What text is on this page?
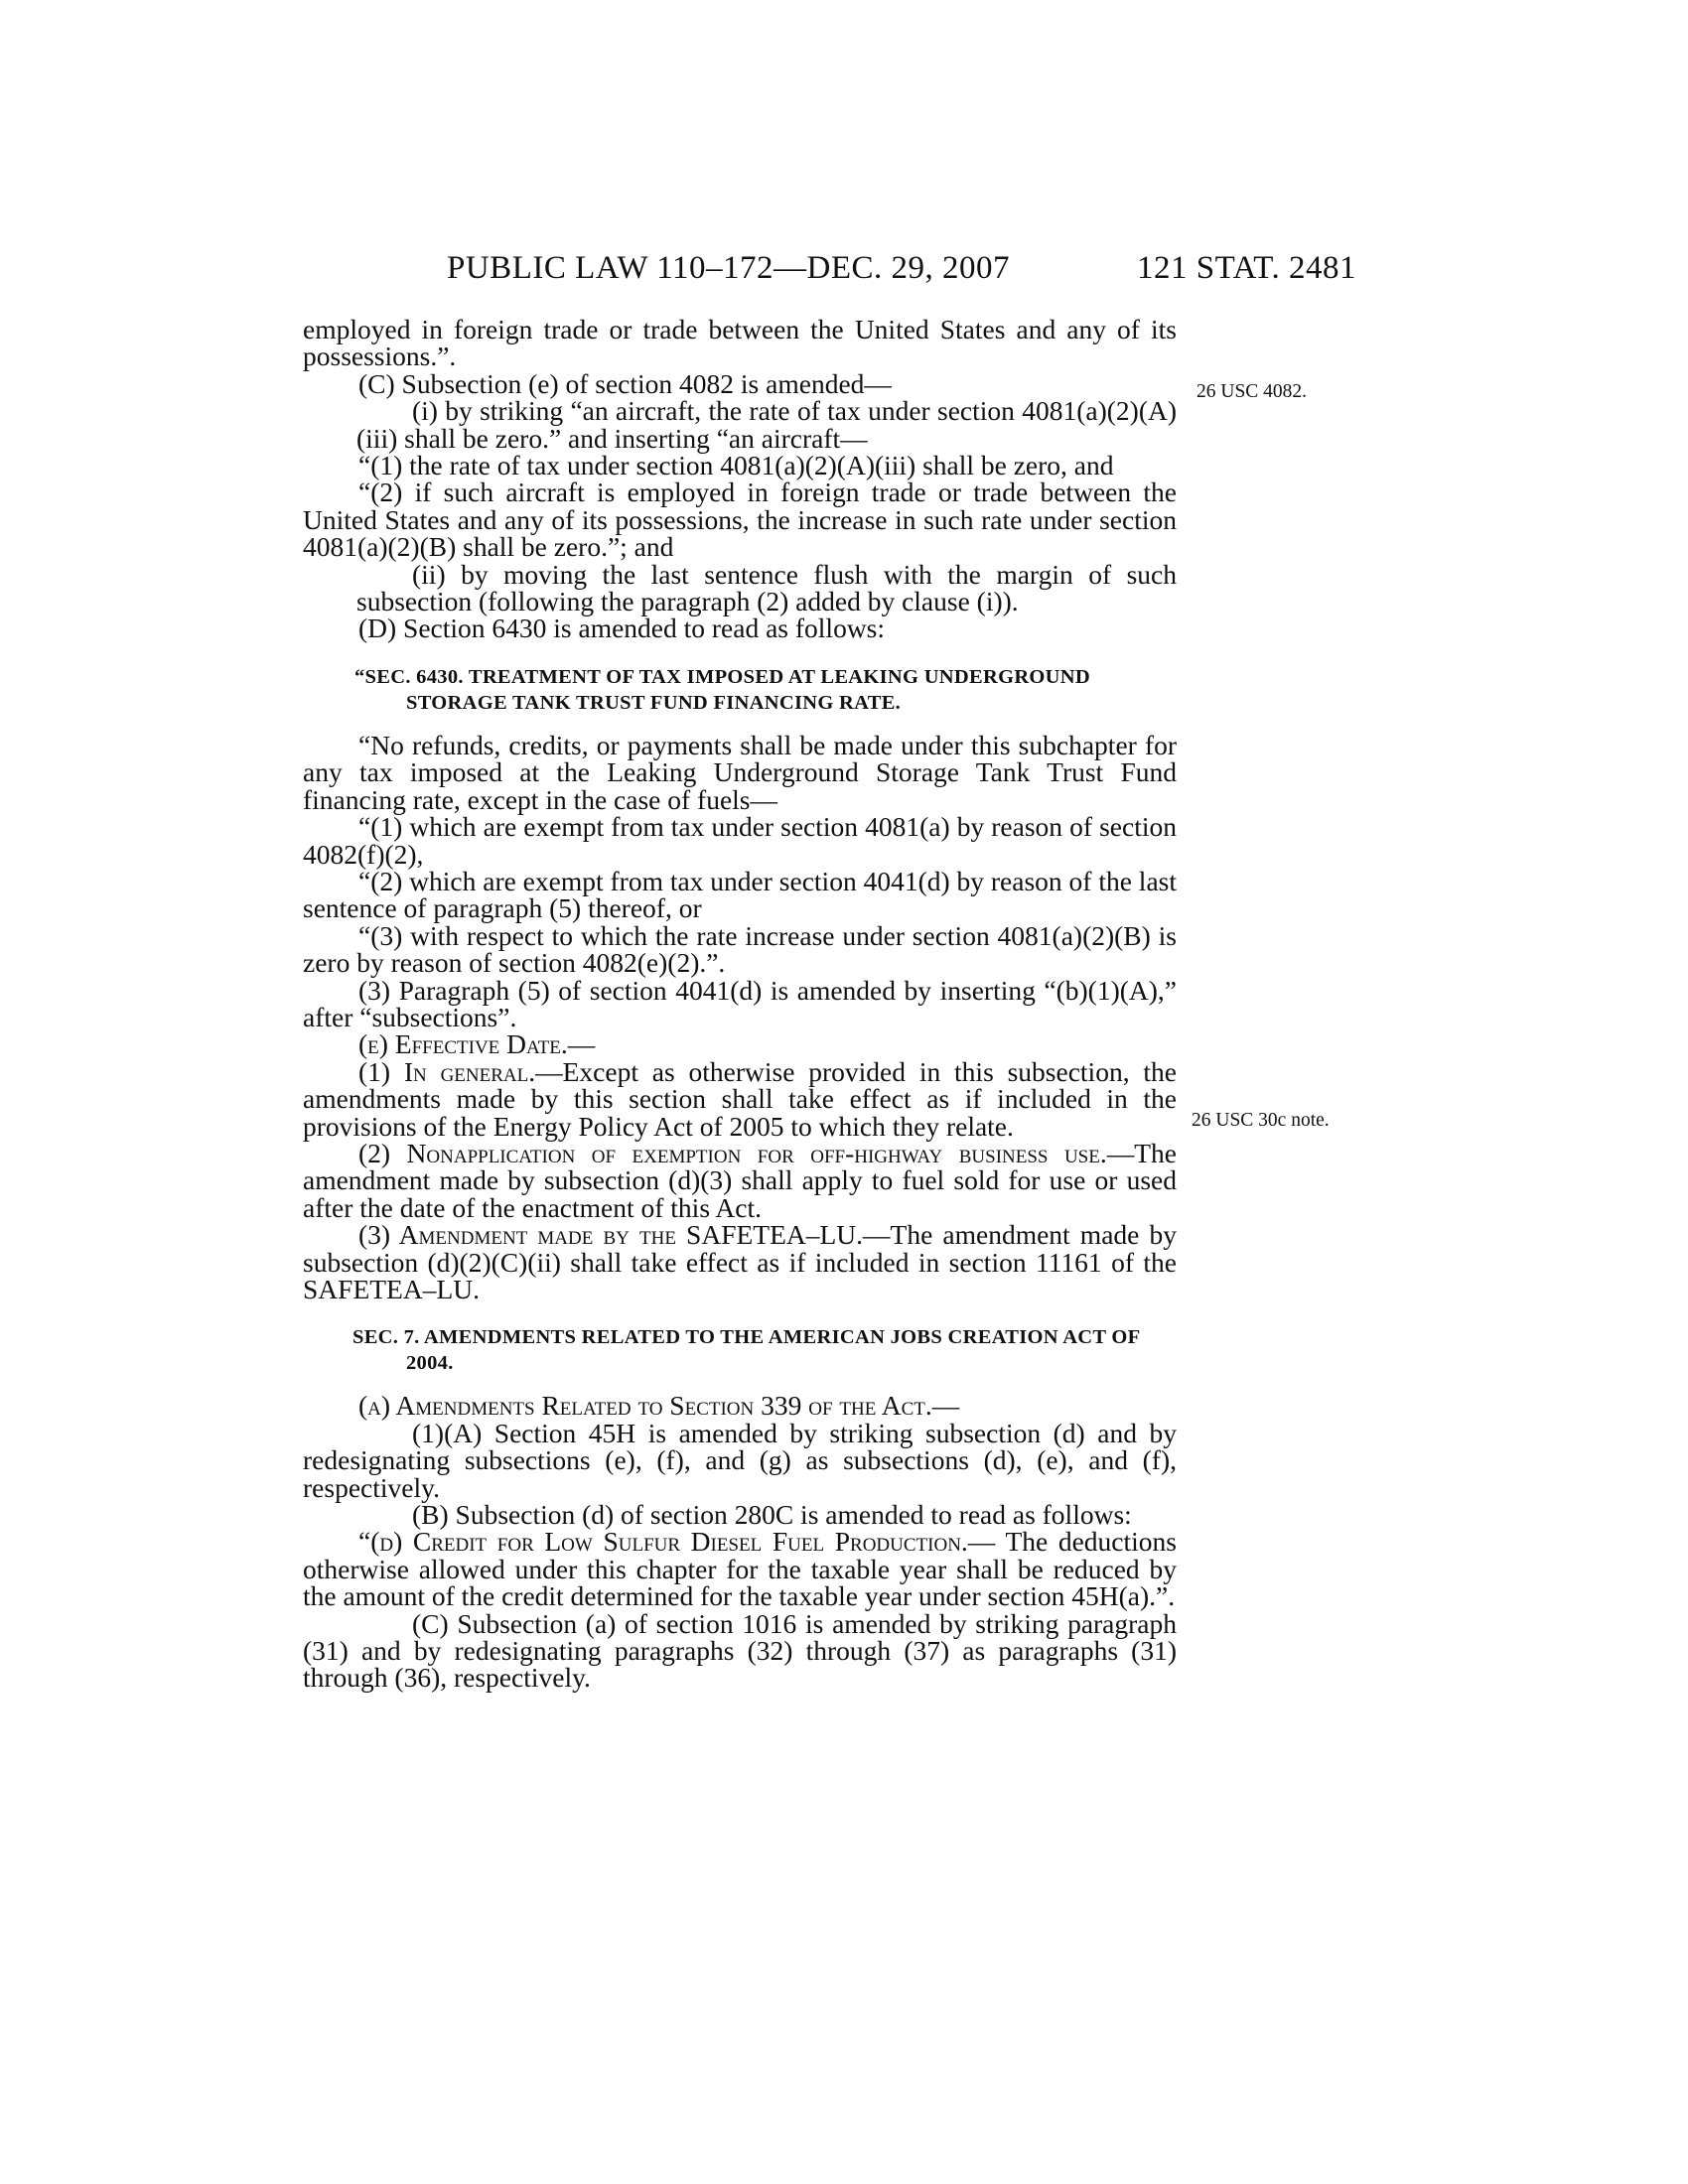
PUBLIC LAW 110–172—DEC. 29, 2007	121 STAT. 2481
26 USC 4082.
26 USC 30c note.

employed in foreign trade or trade between the United States and any of its possessions.”.

(C) Subsection (e) of section 4082 is amended—

(i) by striking “an aircraft, the rate of tax under section 4081(a)(2)(A)(iii) shall be zero.” and inserting “an aircraft—

“(1) the rate of tax under section 4081(a)(2)(A)(iii) shall be zero, and

“(2) if such aircraft is employed in foreign trade or trade between the United States and any of its possessions, the increase in such rate under section 4081(a)(2)(B) shall be zero.”; and

(ii) by moving the last sentence flush with the margin of such subsection (following the paragraph (2) added by clause (i)).

(D) Section 6430 is amended to read as follows:

“SEC. 6430. TREATMENT OF TAX IMPOSED AT LEAKING UNDERGROUND STORAGE TANK TRUST FUND FINANCING RATE.

“No refunds, credits, or payments shall be made under this subchapter for any tax imposed at the Leaking Underground Storage Tank Trust Fund financing rate, except in the case of fuels—

“(1) which are exempt from tax under section 4081(a) by reason of section 4082(f)(2),

“(2) which are exempt from tax under section 4041(d) by reason of the last sentence of paragraph (5) thereof, or

“(3) with respect to which the rate increase under section 4081(a)(2)(B) is zero by reason of section 4082(e)(2).”.

(3) Paragraph (5) of section 4041(d) is amended by inserting “(b)(1)(A),” after “subsections”.

(e) Effective Date.—

(1) In general.—Except as otherwise provided in this subsection, the amendments made by this section shall take effect as if included in the provisions of the Energy Policy Act of 2005 to which they relate.

(2) Nonapplication of exemption for off-highway business use.—The amendment made by subsection (d)(3) shall apply to fuel sold for use or used after the date of the enactment of this Act.

(3) Amendment made by the SAFETEA–LU.—The amendment made by subsection (d)(2)(C)(ii) shall take effect as if included in section 11161 of the SAFETEA–LU.

SEC. 7. AMENDMENTS RELATED TO THE AMERICAN JOBS CREATION ACT OF 2004.

(a) Amendments Related to Section 339 of the Act.—

(1)(A) Section 45H is amended by striking subsection (d) and by redesignating subsections (e), (f), and (g) as subsections (d), (e), and (f), respectively.

(B) Subsection (d) of section 280C is amended to read as follows:

“(d) Credit for Low Sulfur Diesel Fuel Production.— The deductions otherwise allowed under this chapter for the taxable year shall be reduced by the amount of the credit determined for the taxable year under section 45H(a).”.

(C) Subsection (a) of section 1016 is amended by striking paragraph (31) and by redesignating paragraphs (32) through (37) as paragraphs (31) through (36), respectively.
